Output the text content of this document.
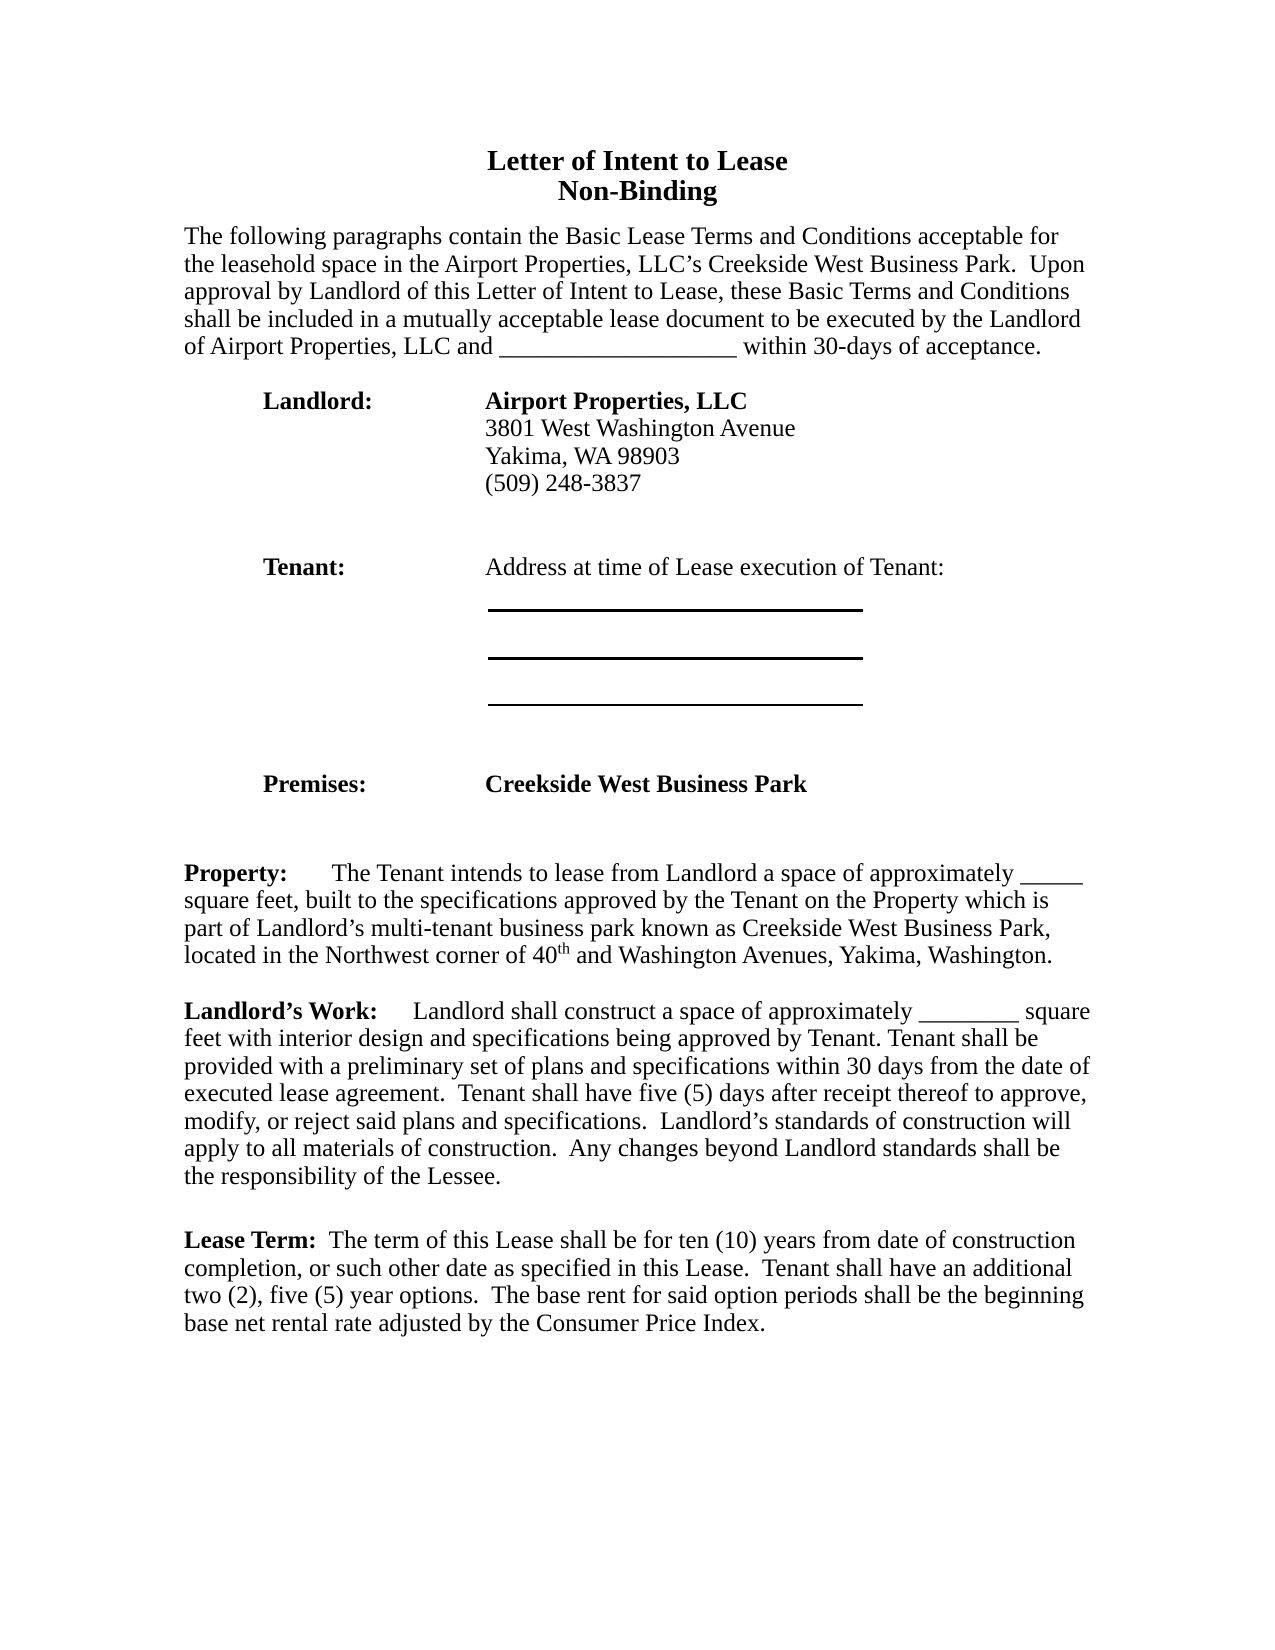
Letter of Intent to Lease
Non-Binding

The following paragraphs contain the Basic Lease Terms and Conditions acceptable for the leasehold space in the Airport Properties, LLC’s Creekside West Business Park.  Upon approval by Landlord of this Letter of Intent to Lease, these Basic Terms and Conditions shall be included in a mutually acceptable lease document to be executed by the Landlord of Airport Properties, LLC and ___________________ within 30-days of acceptance.

Landlord:	Airport Properties, LLC
3801 West Washington Avenue
Yakima, WA 98903
(509) 248-3837
Tenant:	Address at time of Lease execution of Tenant:
Premises:	Creekside West Business Park

Property: The Tenant intends to lease from Landlord a space of approximately _____ square feet, built to the specifications approved by the Tenant on the Property which is part of Landlord’s multi-tenant business park known as Creekside West Business Park, located in the Northwest corner of 40th and Washington Avenues, Yakima, Washington.

Landlord’s Work: Landlord shall construct a space of approximately ________ square feet with interior design and specifications being approved by Tenant. Tenant shall be provided with a preliminary set of plans and specifications within 30 days from the date of executed lease agreement.  Tenant shall have five (5) days after receipt thereof to approve, modify, or reject said plans and specifications.  Landlord’s standards of construction will apply to all materials of construction.  Any changes beyond Landlord standards shall be the responsibility of the Lessee.

Lease Term:  The term of this Lease shall be for ten (10) years from date of construction completion, or such other date as specified in this Lease.  Tenant shall have an additional two (2), five (5) year options.  The base rent for said option periods shall be the beginning base net rental rate adjusted by the Consumer Price Index.
